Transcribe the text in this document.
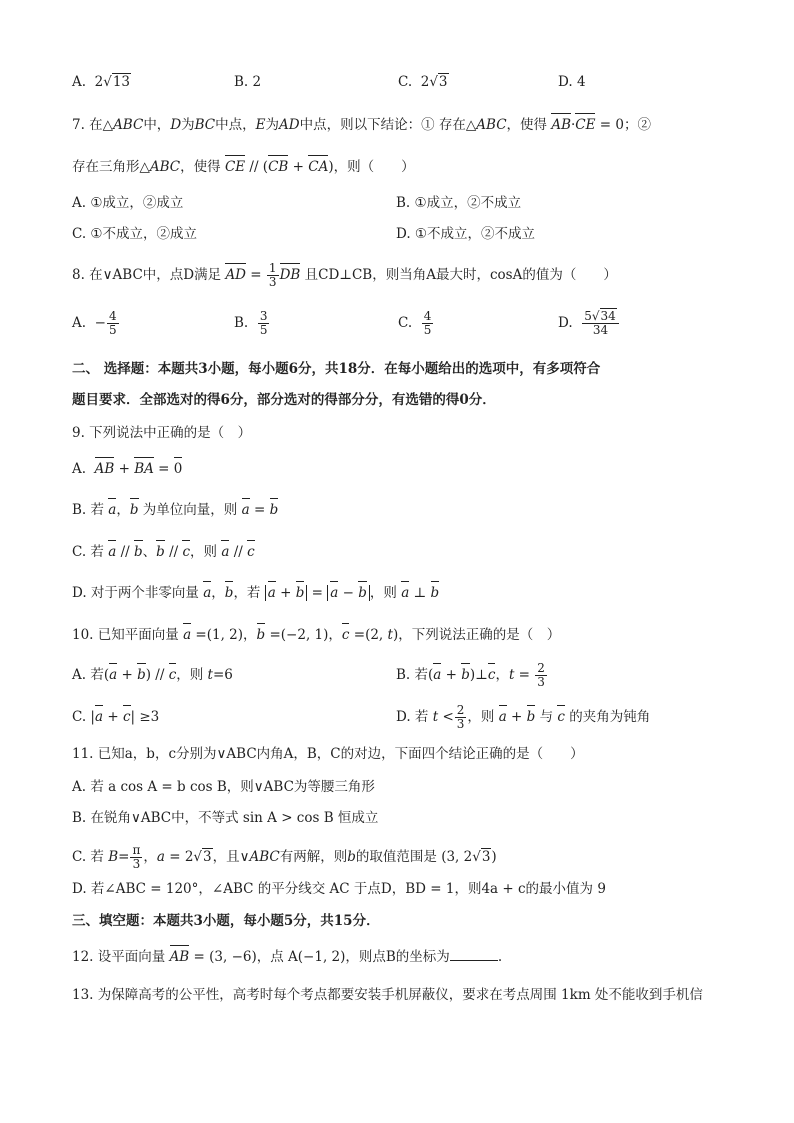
A.  2√13	B. 2	C.  2√3	D. 4
7. 在△ABC中，D为BC中点，E为AD中点，则以下结论：① 存在△ABC，使得 AB·CE = 0；②
存在三角形△ABC，使得 CE // (CB + CA)，则（　　）
A. ①成立，②成立	B. ①成立，②不成立
C. ①不成立，②成立	D. ①不成立，②不成立
8. 在∨ABC中，点D满足 AD = $\frac{1}{3}$ DB 且CD⊥CB，则当角A最大时，cosA的值为（　　）
A.  − $\frac{4}{5}$	B. $\frac{3}{5}$	C. $\frac{4}{5}$	D. $\frac{5√34}{34}$
二、 选择题：本题共3小题，每小题6分，共18分．在每小题给出的选项中，有多项符合
题目要求．全部选对的得6分，部分选对的得部分分，有选错的得0分．
9. 下列说法中正确的是（　）
A.  AB + BA = 0
B. 若 a，b 为单位向量，则 a = b
C. 若 a // b、b // c，则 a // c
D. 对于两个非零向量 a，b，若 a + b = a − b ，则 a ⊥ b
10. 已知平面向量 a =(1, 2)，b =(−2, 1)，c =(2, t)，下列说法正确的是（　）
A. 若(a + b) // c，则 t=6	B. 若(a + b)⊥c，$t = \frac{2}{3}$
C. |a + c| ≥3	D. 若 $t < \frac{2}{3}$ ，则 a + b 与 c 的夹角为钝角
11. 已知a，b，c分别为∨ABC内角A，B，C的对边，下面四个结论正确的是（　　）
A. 若 a cos A = b cos B，则∨ABC为等腰三角形
B. 在锐角∨ABC中，不等式 sin A > cos B 恒成立
C. 若 $B= \frac{\pi}{3}$ ，a = 2√3，且∨ABC有两解，则b的取值范围是 (3, 2√3)
D. 若∠ABC = 120°，∠ABC 的平分线交 AC 于点D，BD = 1，则4a + c的最小值为 9
三、填空题：本题共3小题，每小题5分，共15分．
12. 设平面向量 AB = (3, −6)，点 A(−1, 2)，则点B的坐标为	.
13. 为保障高考的公平性，高考时每个考点都要安装手机屏蔽仪，要求在考点周围 1km 处不能收到手机信
